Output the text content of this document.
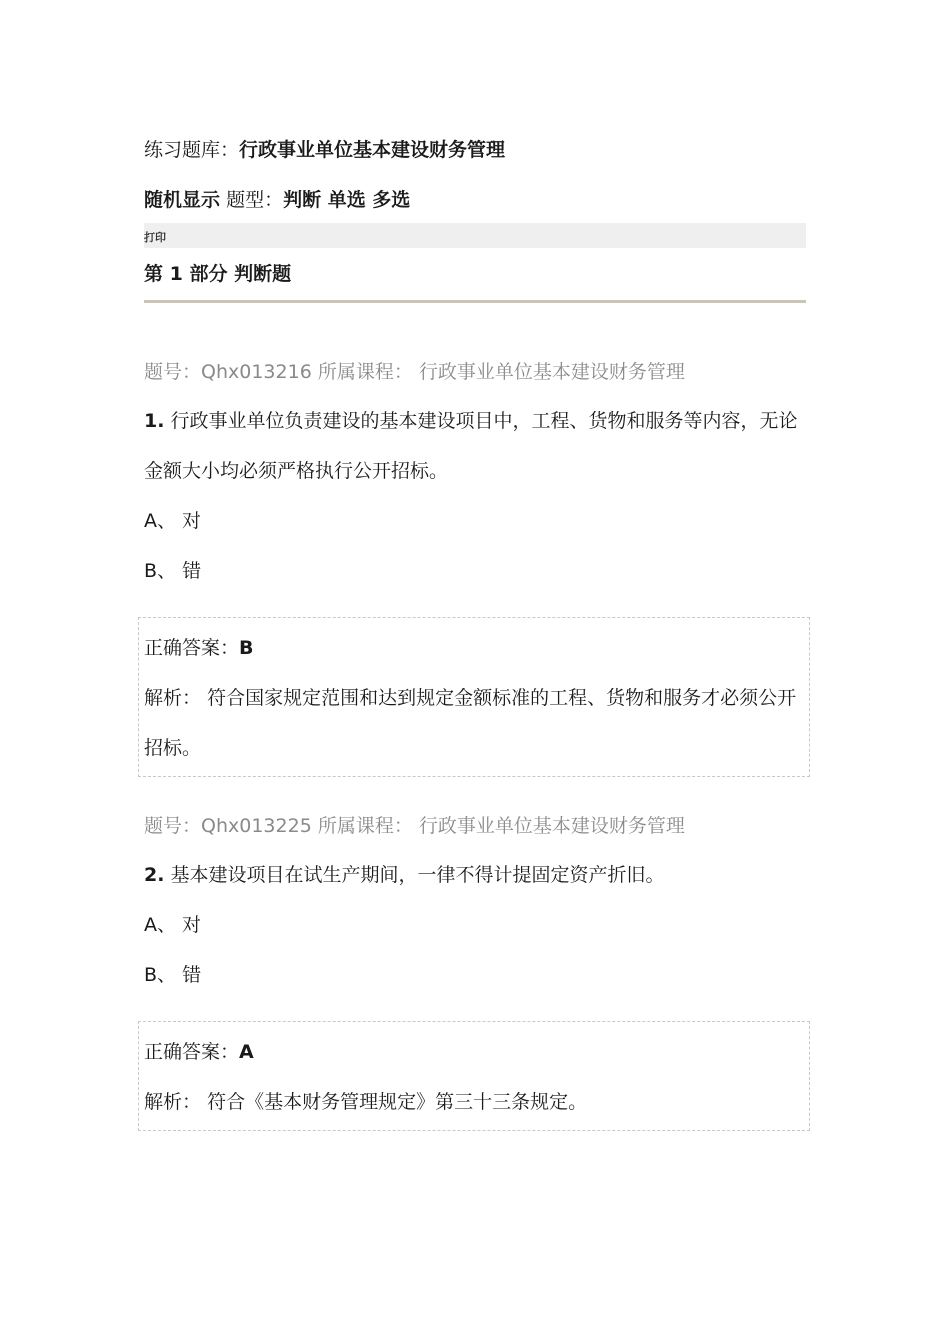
练习题库：行政事业单位基本建设财务管理
随机显示 题型：判断 单选 多选
打印
第 1 部分 判断题
题号：Qhx013216 所属课程： 行政事业单位基本建设财务管理
1. 行政事业单位负责建设的基本建设项目中，工程、货物和服务等内容，无论
金额大小均必须严格执行公开招标。
A、 对
B、 错
正确答案：B
解析： 符合国家规定范围和达到规定金额标准的工程、货物和服务才必须公开
招标。
题号：Qhx013225 所属课程： 行政事业单位基本建设财务管理
2. 基本建设项目在试生产期间，一律不得计提固定资产折旧。
A、 对
B、 错
正确答案：A
解析： 符合《基本财务管理规定》第三十三条规定。
